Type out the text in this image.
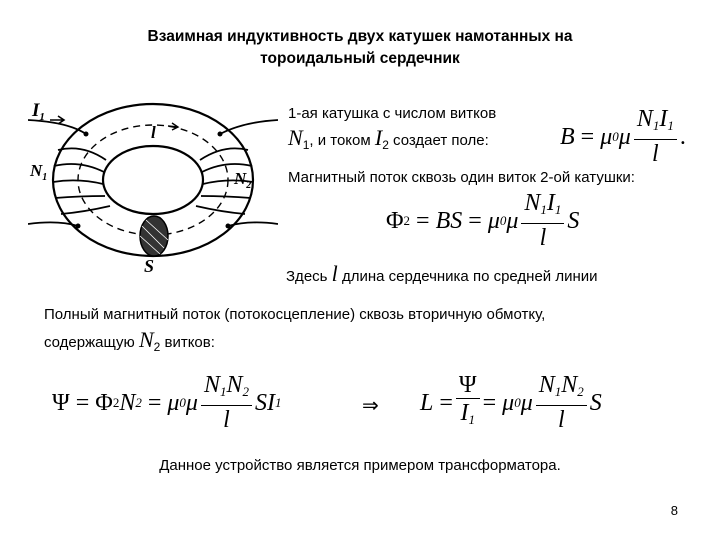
Взаимная индуктивность двух катушек намотанных на
тороидальный сердечник
$I_1$
$N_1$	$N_2$
l
S
1-ая катушка с числом витков
$N_1$, и током $I_2$ создает поле:	B
=
μ 0 μ $\frac{N_1I_1}{l}$ .
Магнитный поток сквозь один виток 2-ой катушки:
Φ 2
=
BS
=
μ 0 μ $\frac{N_1I_1}{l}$ S
Здесь l длина сердечника по средней линии
Полный магнитный поток (потокосцепление) сквозь вторичную обмотку,
содержащую $N_2$ витков:
Ψ
=
Φ 2 N 2
=
μ 0 μ $\frac{N_1N_2}{l}$ S I 1	⇒ L
= $\frac{\Psi}{I_1}$ =
μ 0 μ $\frac{N_1N_2}{l}$ S
Данное устройство является примером трансформатора.
8
